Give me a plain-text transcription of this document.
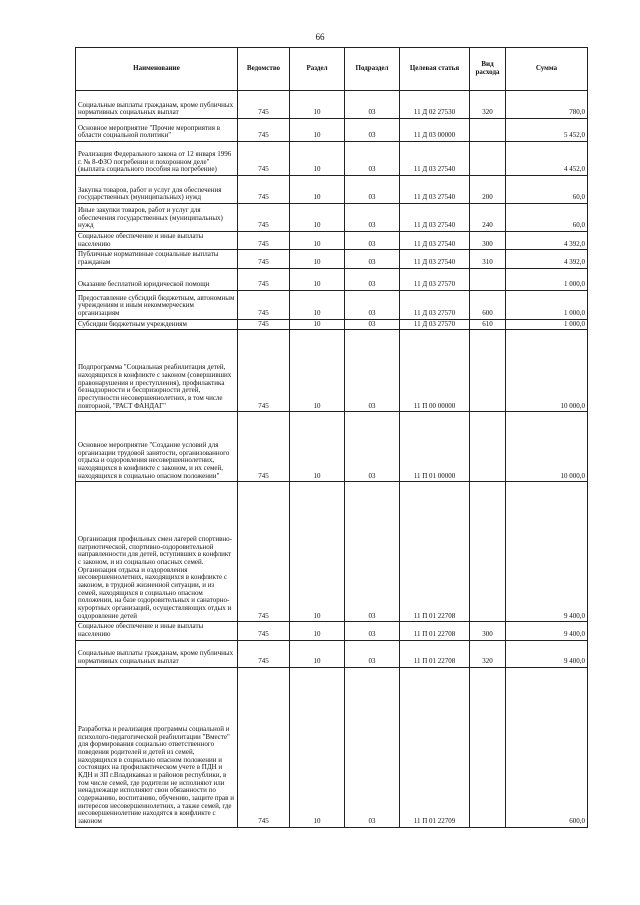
66
Наименование	Ведомство	Раздел	Подраздел	Целевая статья	Вид расхода	Сумма
Социальные выплаты гражданам, кроме публичных нормативных социальных выплат	745	10	03	11 Д 02 27530	320	780,0
Основное мероприятие "Прочие мероприятия в области социальной политики"	745	10	03	11 Д 03 00000		5 452,0
Реализация Федерального закона от 12 января 1996 г. № 8-ФЗО погребении и похоронном деле" (выплата социального пособия на погребение)	745	10	03	11 Д 03 27540		4 452,0
Закупка товаров, работ и услуг для обеспечения государственных (муниципальных) нужд	745	10	03	11 Д 03 27540	200	60,0
Иные закупки товаров, работ и услуг для обеспечения государственных (муниципальных) нужд	745	10	03	11 Д 03 27540	240	60,0
Социальное обеспечение и иные выплаты населению	745	10	03	11 Д 03 27540	300	4 392,0
Публичные нормативные социальные выплаты гражданам	745	10	03	11 Д 03 27540	310	4 392,0
Оказание бесплатной юридической помощи	745	10	03	11 Д 03 27570		1 000,0
Предоставление субсидий бюджетным, автономным учреждениям и иным некоммерческим организациям	745	10	03	11 Д 03 27570	600	1 000,0
Субсидии бюджетным учреждениям	745	10	03	11 Д 03 27570	610	1 000,0
Подпрограмма "Социальная реабилитация детей, находящихся в конфликте с законом (совершивших правонарушения и преступления), профилактика безнадзорности и беспризорности детей, преступности несовершеннолетних, в том числе повторной, "РАСТ ФАНДАГ"	745	10	03	11 П 00 00000		10 000,0
Основное мероприятие "Создание условий для организации трудовой занятости, организованного отдыха и оздоровления несовершеннолетних, находящихся в конфликте с законом, и их семей, находящихся в социально опасном положении"	745	10	03	11 П 01 00000		10 000,0
Организация профильных смен лагерей спортивно-патриотической, спортивно-оздоровительной направленности для детей, вступивших в конфликт с законом, и из социально опасных семей. Организация отдыха и оздоровления несовершеннолетних, находящихся в конфликте с законом, в трудной жизненной ситуации, и из семей, находящихся в социально опасном положении, на базе оздоровительных и санаторно-курортных организаций, осуществляющих отдых и оздоровление детей	745	10	03	11 П 01 22708		9 400,0
Социальное обеспечение и иные выплаты населению	745	10	03	11 П 01 22708	300	9 400,0
Социальные выплаты гражданам, кроме публичных нормативных социальных выплат	745	10	03	11 П 01 22708	320	9 400,0
Разработка и реализация программы социальной и психолого-педагогической реабилитации "Вместе" для формирования социально ответственного поведения родителей и детей из семей, находящихся в социально опасном положении и состоящих на профилактическом учете в ПДН и КДН и ЗП г.Владикавказ и районов республики, в том числе семей, где родители не исполняют или ненадлежаще исполняют свои обязанности по содержанию, воспитанию, обучению, защите прав и интересов несовершеннолетних, а также семей, где несовершеннолетние находятся в конфликте с законом	745	10	03	11 П 01 22709		600,0
